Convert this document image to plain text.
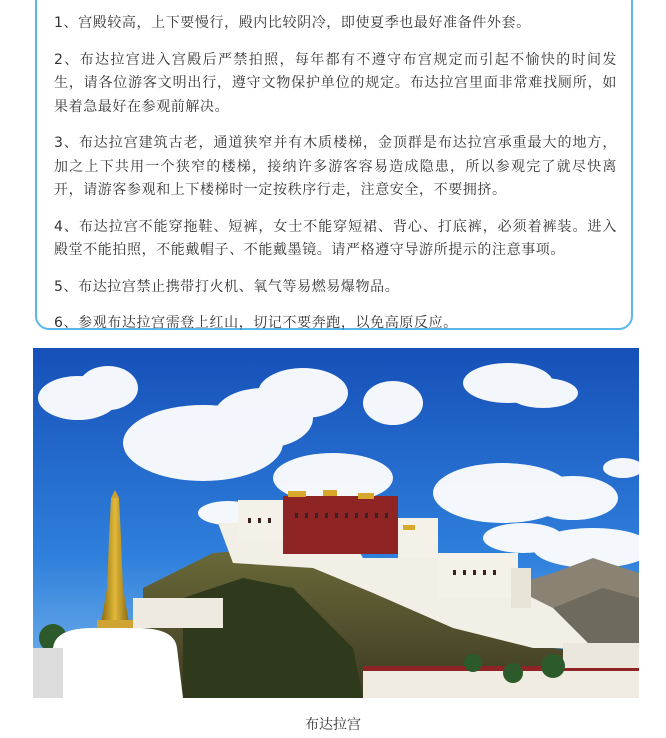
1、宫殿较高，上下要慢行，殿内比较阴冷，即使夏季也最好准备件外套。

2、布达拉宫进入宫殿后严禁拍照，每年都有不遵守布宫规定而引起不愉快的时间发生，请各位游客文明出行，遵守文物保护单位的规定。布达拉宫里面非常难找厕所，如果着急最好在参观前解决。

3、布达拉宫建筑古老，通道狭窄并有木质楼梯，金顶群是布达拉宫承重最大的地方，加之上下共用一个狭窄的楼梯，接纳许多游客容易造成隐患，所以参观完了就尽快离开，请游客参观和上下楼梯时一定按秩序行走，注意安全，不要拥挤。

4、布达拉宫不能穿拖鞋、短裤，女士不能穿短裙、背心、打底裤，必须着裤装。进入殿堂不能拍照，不能戴帽子、不能戴墨镜。请严格遵守导游所提示的注意事项。

5、布达拉宫禁止携带打火机、氧气等易燃易爆物品。

6、参观布达拉宫需登上红山，切记不要奔跑，以免高原反应。

布达拉宫
